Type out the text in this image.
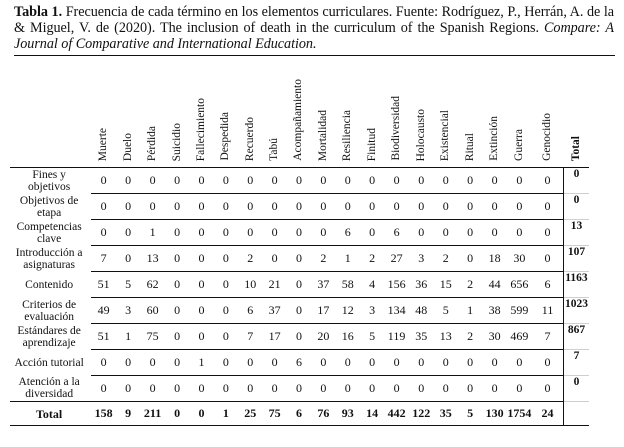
Tabla 1. Frecuencia de cada término en los elementos curriculares. Fuente: Rodríguez, P., Herrán, A. de la & Miguel, V. de (2020). The inclusion of death in the curriculum of the Spanish Regions. Compare: A Journal of Comparative and International Education.
	Muerte	Duelo	Pérdida	Suicidio	Fallecimiento	Despedida	Recuerdo	Tabú	Acompañamiento	Mortalidad	Resiliencia	Finitud	Biodiversidad	Holocausto	Existencial	Ritual	Extinción	Guerra	Genocidio	Total
Fines y objetivos	0	0	0	0	0	0	0	0	0	0	0	0	0	0	0	0	0	0	0	0
Objetivos de etapa	0	0	0	0	0	0	0	0	0	0	0	0	0	0	0	0	0	0	0	0
Competencias clave	0	0	1	0	0	0	0	0	0	0	6	0	6	0	0	0	0	0	0	13
Introducción a asignaturas	7	0	13	0	0	0	2	0	0	2	1	2	27	3	2	0	18	30	0	107
Contenido	51	5	62	0	0	0	10	21	0	37	58	4	156	36	15	2	44	656	6	1163
Criterios de evaluación	49	3	60	0	0	0	6	37	0	17	12	3	134	48	5	1	38	599	11	1023
Estándares de aprendizaje	51	1	75	0	0	0	7	17	0	20	16	5	119	35	13	2	30	469	7	867
Acción tutorial	0	0	0	0	1	0	0	0	6	0	0	0	0	0	0	0	0	0	0	7
Atención a la diversidad	0	0	0	0	0	0	0	0	0	0	0	0	0	0	0	0	0	0	0	0
Total	158	9	211	0	0	1	25	75	6	76	93	14	442	122	35	5	130	1754	24	
